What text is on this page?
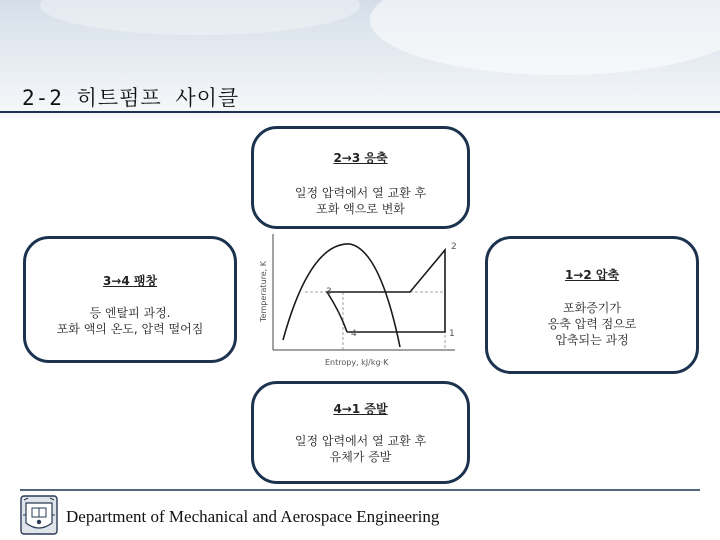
2-2 히트펌프 사이클
2→3 응축
일정 압력에서 열 교환 후
포화 액으로 변화
3→4 팽창
등 엔탈피 과정.
포화 액의 온도, 압력 떨어짐
1→2 압축
포화증기가
응축 압력 점으로
압축되는 과정
4→1 증발
일정 압력에서 열 교환 후
유체가 증발
1
2
3
4
Temperature, K
Entropy, kJ/kg·K
Department of Mechanical and Aerospace Engineering
